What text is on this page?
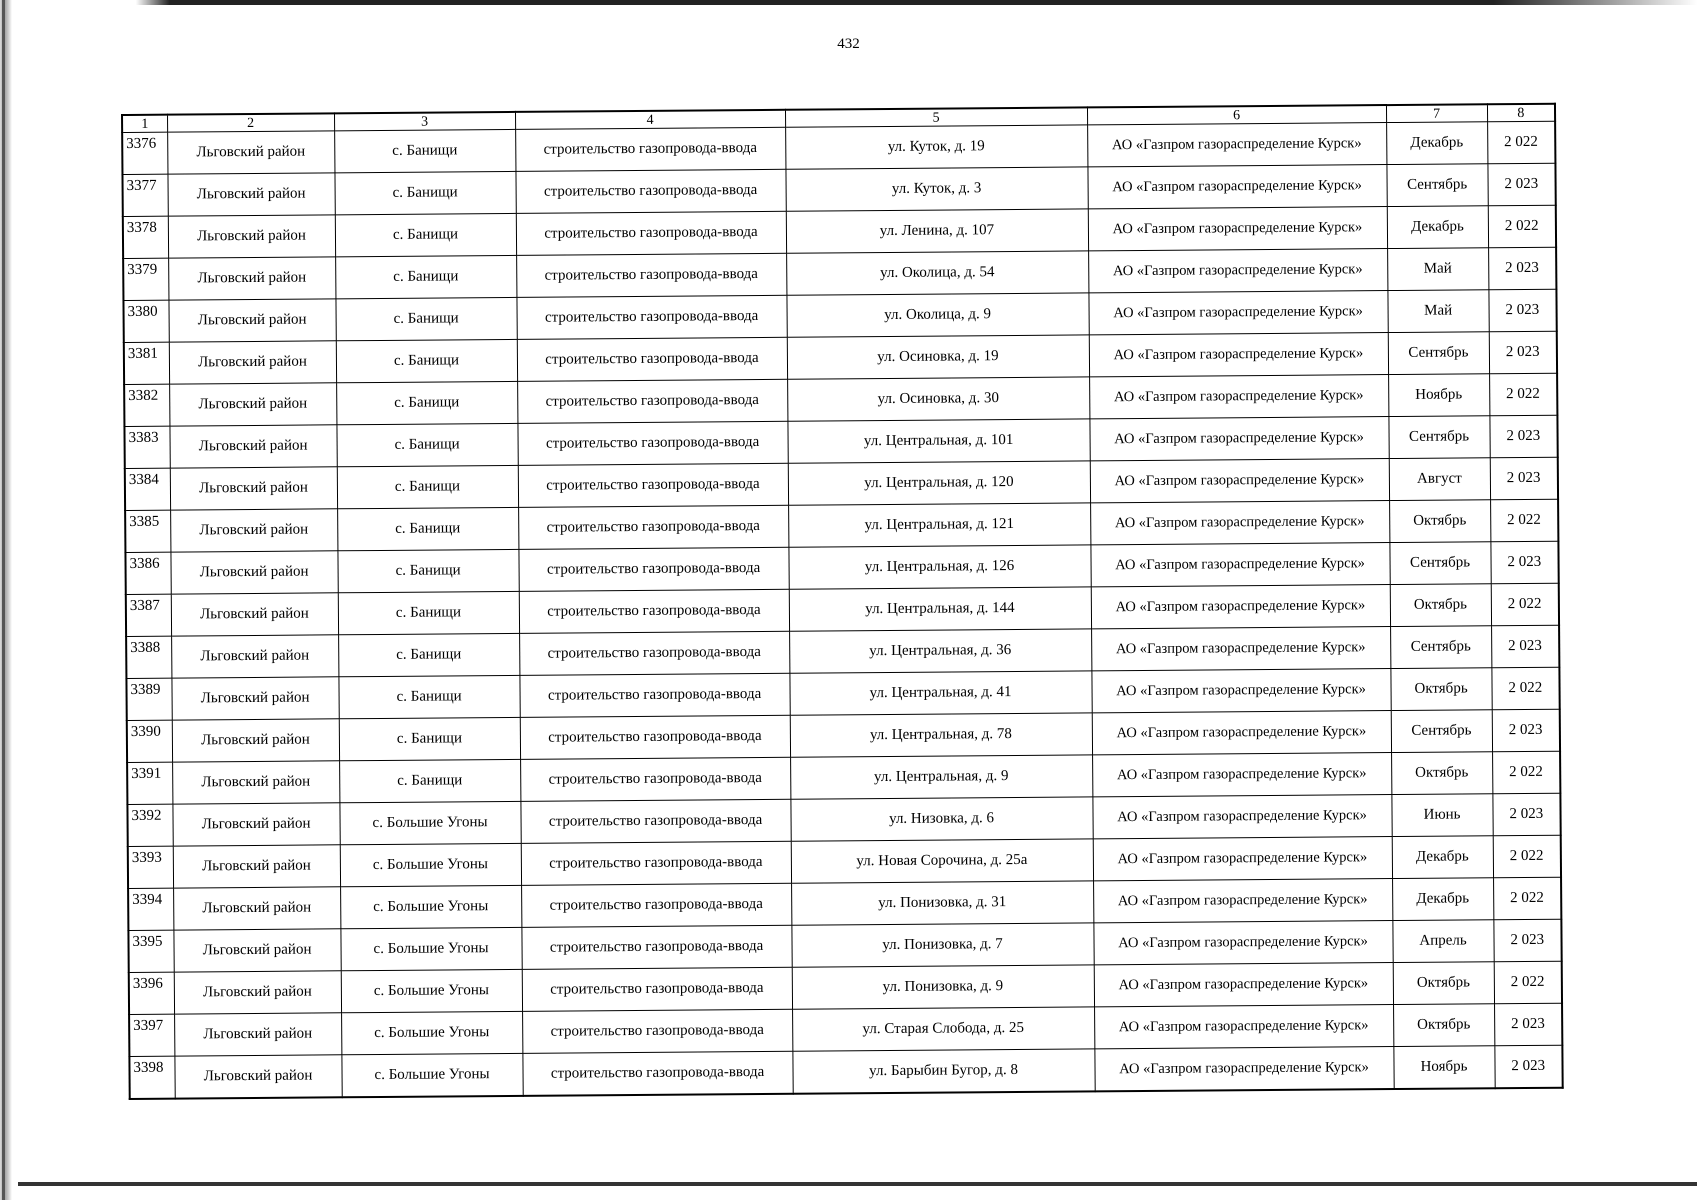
432
1	2	3	4	5	6	7	8
3376	Льговский район	с. Банищи	строительство газопровода-ввода	ул. Куток, д. 19	АО «Газпром газораспределение Курск»	Декабрь	2 022
3377	Льговский район	с. Банищи	строительство газопровода-ввода	ул. Куток, д. 3	АО «Газпром газораспределение Курск»	Сентябрь	2 023
3378	Льговский район	с. Банищи	строительство газопровода-ввода	ул. Ленина, д. 107	АО «Газпром газораспределение Курск»	Декабрь	2 022
3379	Льговский район	с. Банищи	строительство газопровода-ввода	ул. Околица, д. 54	АО «Газпром газораспределение Курск»	Май	2 023
3380	Льговский район	с. Банищи	строительство газопровода-ввода	ул. Околица, д. 9	АО «Газпром газораспределение Курск»	Май	2 023
3381	Льговский район	с. Банищи	строительство газопровода-ввода	ул. Осиновка, д. 19	АО «Газпром газораспределение Курск»	Сентябрь	2 023
3382	Льговский район	с. Банищи	строительство газопровода-ввода	ул. Осиновка, д. 30	АО «Газпром газораспределение Курск»	Ноябрь	2 022
3383	Льговский район	с. Банищи	строительство газопровода-ввода	ул. Центральная, д. 101	АО «Газпром газораспределение Курск»	Сентябрь	2 023
3384	Льговский район	с. Банищи	строительство газопровода-ввода	ул. Центральная, д. 120	АО «Газпром газораспределение Курск»	Август	2 023
3385	Льговский район	с. Банищи	строительство газопровода-ввода	ул. Центральная, д. 121	АО «Газпром газораспределение Курск»	Октябрь	2 022
3386	Льговский район	с. Банищи	строительство газопровода-ввода	ул. Центральная, д. 126	АО «Газпром газораспределение Курск»	Сентябрь	2 023
3387	Льговский район	с. Банищи	строительство газопровода-ввода	ул. Центральная, д. 144	АО «Газпром газораспределение Курск»	Октябрь	2 022
3388	Льговский район	с. Банищи	строительство газопровода-ввода	ул. Центральная, д. 36	АО «Газпром газораспределение Курск»	Сентябрь	2 023
3389	Льговский район	с. Банищи	строительство газопровода-ввода	ул. Центральная, д. 41	АО «Газпром газораспределение Курск»	Октябрь	2 022
3390	Льговский район	с. Банищи	строительство газопровода-ввода	ул. Центральная, д. 78	АО «Газпром газораспределение Курск»	Сентябрь	2 023
3391	Льговский район	с. Банищи	строительство газопровода-ввода	ул. Центральная, д. 9	АО «Газпром газораспределение Курск»	Октябрь	2 022
3392	Льговский район	с. Большие Угоны	строительство газопровода-ввода	ул. Низовка, д. 6	АО «Газпром газораспределение Курск»	Июнь	2 023
3393	Льговский район	с. Большие Угоны	строительство газопровода-ввода	ул. Новая Сорочина, д. 25а	АО «Газпром газораспределение Курск»	Декабрь	2 022
3394	Льговский район	с. Большие Угоны	строительство газопровода-ввода	ул. Понизовка, д. 31	АО «Газпром газораспределение Курск»	Декабрь	2 022
3395	Льговский район	с. Большие Угоны	строительство газопровода-ввода	ул. Понизовка, д. 7	АО «Газпром газораспределение Курск»	Апрель	2 023
3396	Льговский район	с. Большие Угоны	строительство газопровода-ввода	ул. Понизовка, д. 9	АО «Газпром газораспределение Курск»	Октябрь	2 022
3397	Льговский район	с. Большие Угоны	строительство газопровода-ввода	ул. Старая Слобода, д. 25	АО «Газпром газораспределение Курск»	Октябрь	2 023
3398	Льговский район	с. Большие Угоны	строительство газопровода-ввода	ул. Барыбин Бугор, д. 8	АО «Газпром газораспределение Курск»	Ноябрь	2 023
